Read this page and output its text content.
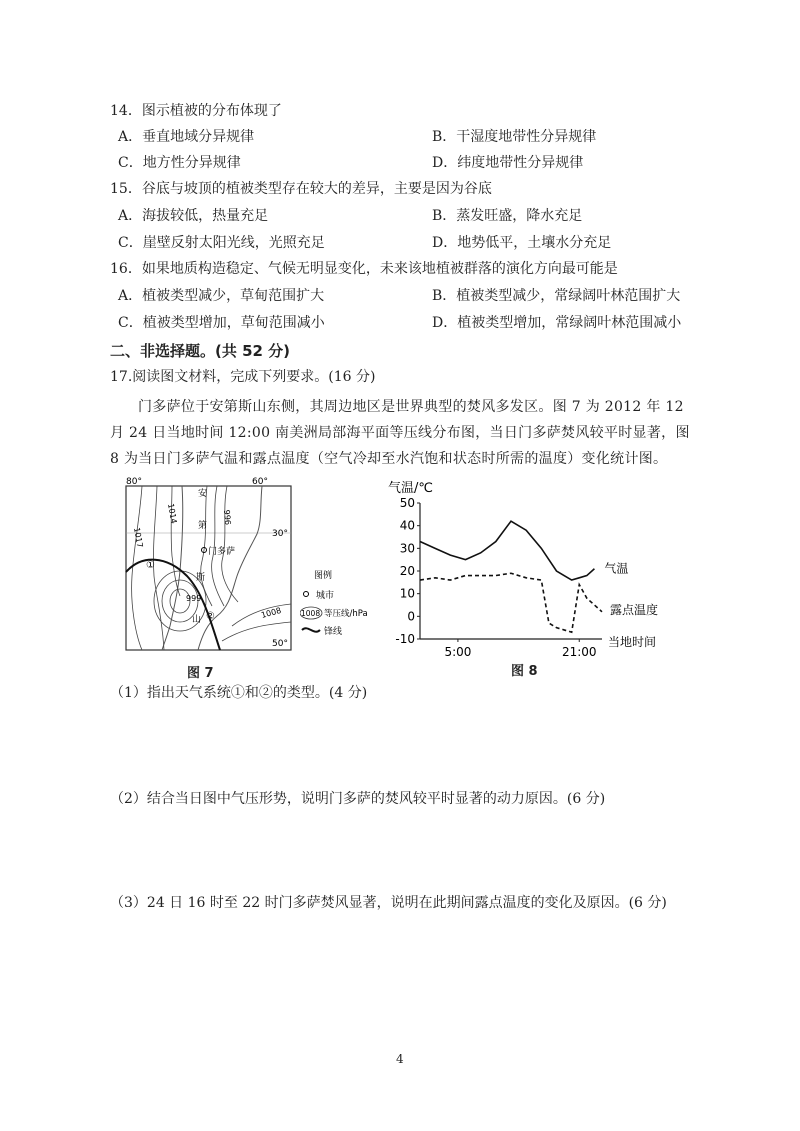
14．图示植被的分布体现了
A．垂直地域分异规律	B．干湿度地带性分异规律
C．地方性分异规律	D．纬度地带性分异规律
15．谷底与坡顶的植被类型存在较大的差异，主要是因为谷底
A．海拔较低，热量充足	B．蒸发旺盛，降水充足
C．崖壁反射太阳光线，光照充足	D．地势低平，土壤水分充足
16．如果地质构造稳定、气候无明显变化，未来该地植被群落的演化方向最可能是
A．植被类型减少，草甸范围扩大	B．植被类型减少，常绿阔叶林范围扩大
C．植被类型增加，草甸范围减小	D．植被类型增加，常绿阔叶林范围减小
二、非选择题。(共 52 分)
17.阅读图文材料，完成下列要求。(16 分)
门多萨位于安第斯山东侧，其周边地区是世界典型的焚风多发区。图 7 为 2012 年 12 月 24 日当地时间 12:00 南美洲局部海平面等压线分布图，当日门多萨焚风较平时显著，图 8 为当日门多萨气温和露点温度（空气冷却至水汽饱和状态时所需的温度）变化统计图。
①
②
门多萨
安
第
斯
山
1014
1017
996
999
1008
80°	60°
30°
50°
图例
城市
1008 等压线/hPa
锋线
图 7
气温/℃
当地时间
50
40
30
20
10
0
-10
5:00	21:00
气温
露点温度
图 8
（1）指出天气系统①和②的类型。(4 分)
（2）结合当日图中气压形势，说明门多萨的焚风较平时显著的动力原因。(6 分)
（3）24 日 16 时至 22 时门多萨焚风显著，说明在此期间露点温度的变化及原因。(6 分)
4
